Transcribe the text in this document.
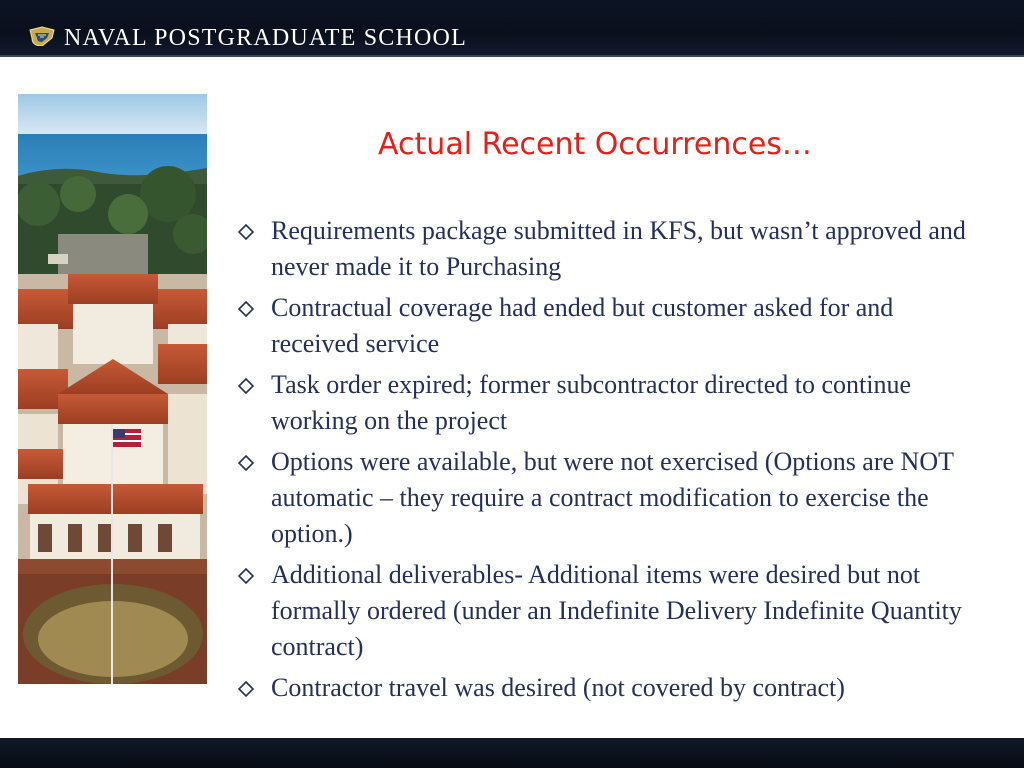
NAVAL POSTGRADUATE SCHOOL
Actual Recent Occurrences…
Requirements package submitted in KFS, but wasn’t approved and never made it to Purchasing
Contractual coverage had ended but customer asked for and received service
Task order expired; former subcontractor directed to continue working on the project
Options were available, but were not exercised (Options are NOT automatic – they require a contract modification to exercise the option.)
Additional deliverables- Additional items were desired but not formally ordered (under an Indefinite Delivery Indefinite Quantity contract)
Contractor travel was desired (not covered by contract)
